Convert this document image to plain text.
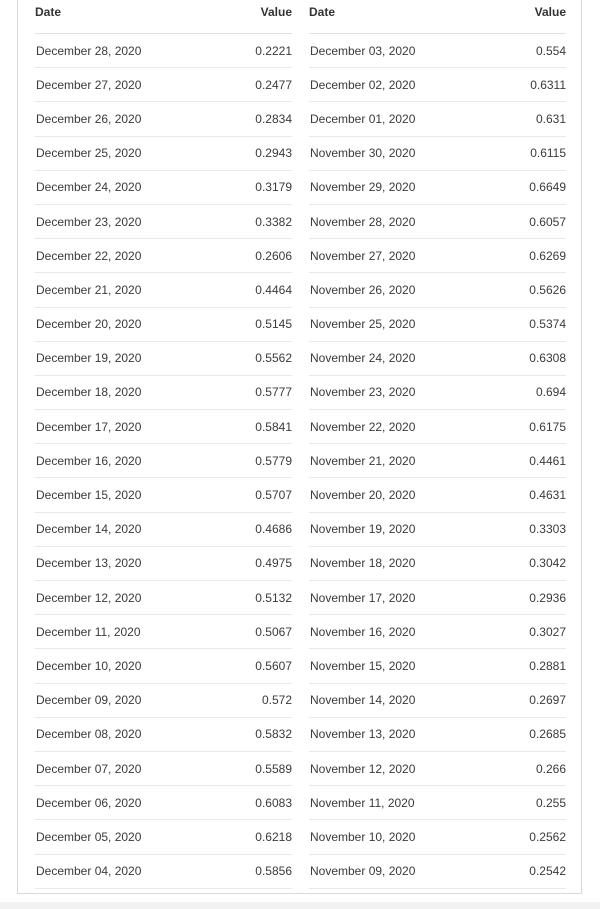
Date	Value
December 28, 2020	0.2221
December 27, 2020	0.2477
December 26, 2020	0.2834
December 25, 2020	0.2943
December 24, 2020	0.3179
December 23, 2020	0.3382
December 22, 2020	0.2606
December 21, 2020	0.4464
December 20, 2020	0.5145
December 19, 2020	0.5562
December 18, 2020	0.5777
December 17, 2020	0.5841
December 16, 2020	0.5779
December 15, 2020	0.5707
December 14, 2020	0.4686
December 13, 2020	0.4975
December 12, 2020	0.5132
December 11, 2020	0.5067
December 10, 2020	0.5607
December 09, 2020	0.572
December 08, 2020	0.5832
December 07, 2020	0.5589
December 06, 2020	0.6083
December 05, 2020	0.6218
December 04, 2020	0.5856
Date	Value
December 03, 2020	0.554
December 02, 2020	0.6311
December 01, 2020	0.631
November 30, 2020	0.6115
November 29, 2020	0.6649
November 28, 2020	0.6057
November 27, 2020	0.6269
November 26, 2020	0.5626
November 25, 2020	0.5374
November 24, 2020	0.6308
November 23, 2020	0.694
November 22, 2020	0.6175
November 21, 2020	0.4461
November 20, 2020	0.4631
November 19, 2020	0.3303
November 18, 2020	0.3042
November 17, 2020	0.2936
November 16, 2020	0.3027
November 15, 2020	0.2881
November 14, 2020	0.2697
November 13, 2020	0.2685
November 12, 2020	0.266
November 11, 2020	0.255
November 10, 2020	0.2562
November 09, 2020	0.2542
